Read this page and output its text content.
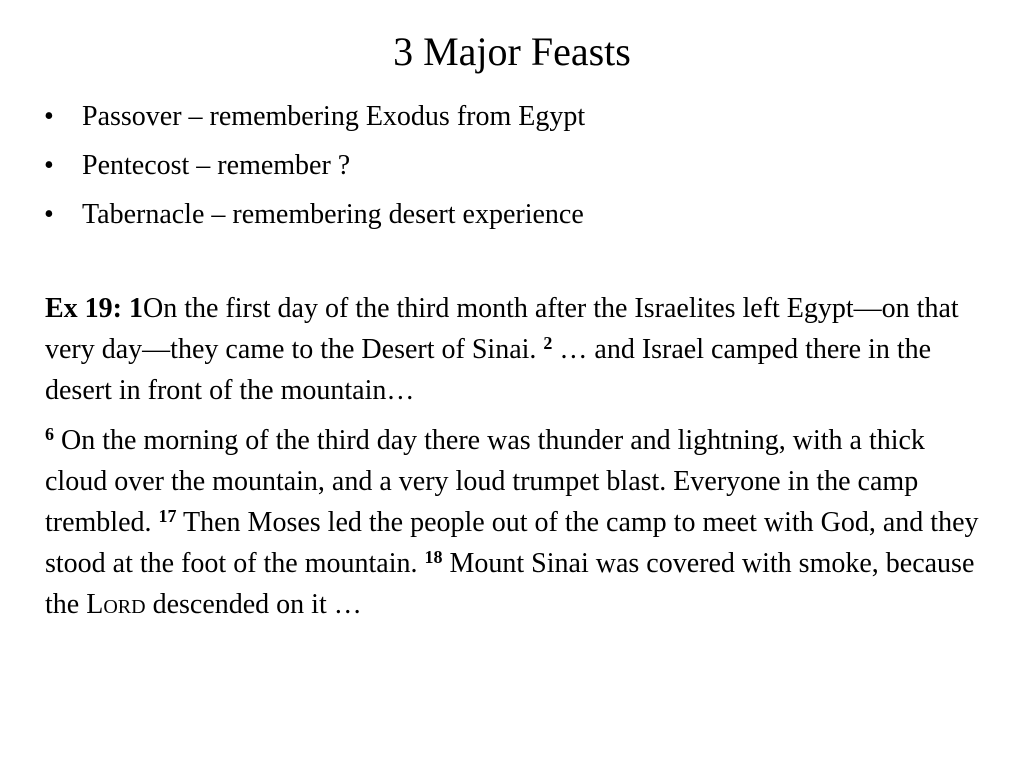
3 Major Feasts
•	Passover – remembering Exodus from Egypt
•	Pentecost – remember ?
•	Tabernacle – remembering desert experience

Ex 19: 1On the first day of the third month after the Israelites left Egypt—on that very day—they came to the Desert of Sinai. $^2$ … and Israel camped there in the desert in front of the mountain…

$^6$ On the morning of the third day there was thunder and lightning, with a thick cloud over the mountain, and a very loud trumpet blast. Everyone in the camp trembled. $^{17}$ Then Moses led the people out of the camp to meet with God, and they stood at the foot of the mountain. $^{18}$ Mount Sinai was covered with smoke, because the Lord descended on it …
